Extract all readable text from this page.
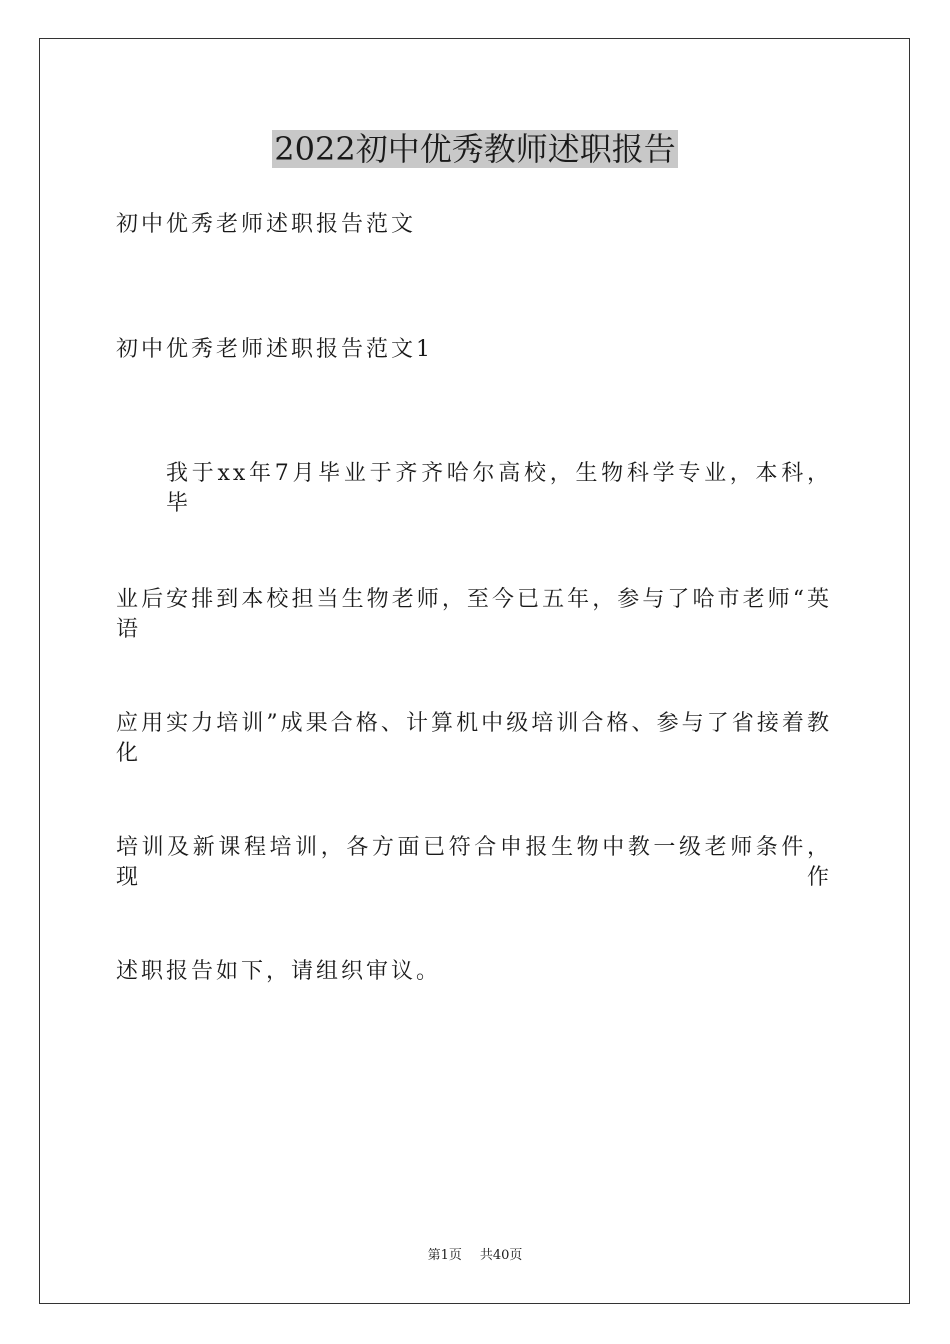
2022初中优秀教师述职报告
初中优秀老师述职报告范文
初中优秀老师述职报告范文1
我于xx年7月毕业于齐齐哈尔高校，生物科学专业，本科，毕
业后安排到本校担当生物老师，至今已五年，参与了哈市老师“英语
应用实力培训”成果合格、计算机中级培训合格、参与了省接着教化
培训及新课程培训，各方面已符合申报生物中教一级老师条件，现作
述职报告如下，请组织审议。
第1页 共40页
